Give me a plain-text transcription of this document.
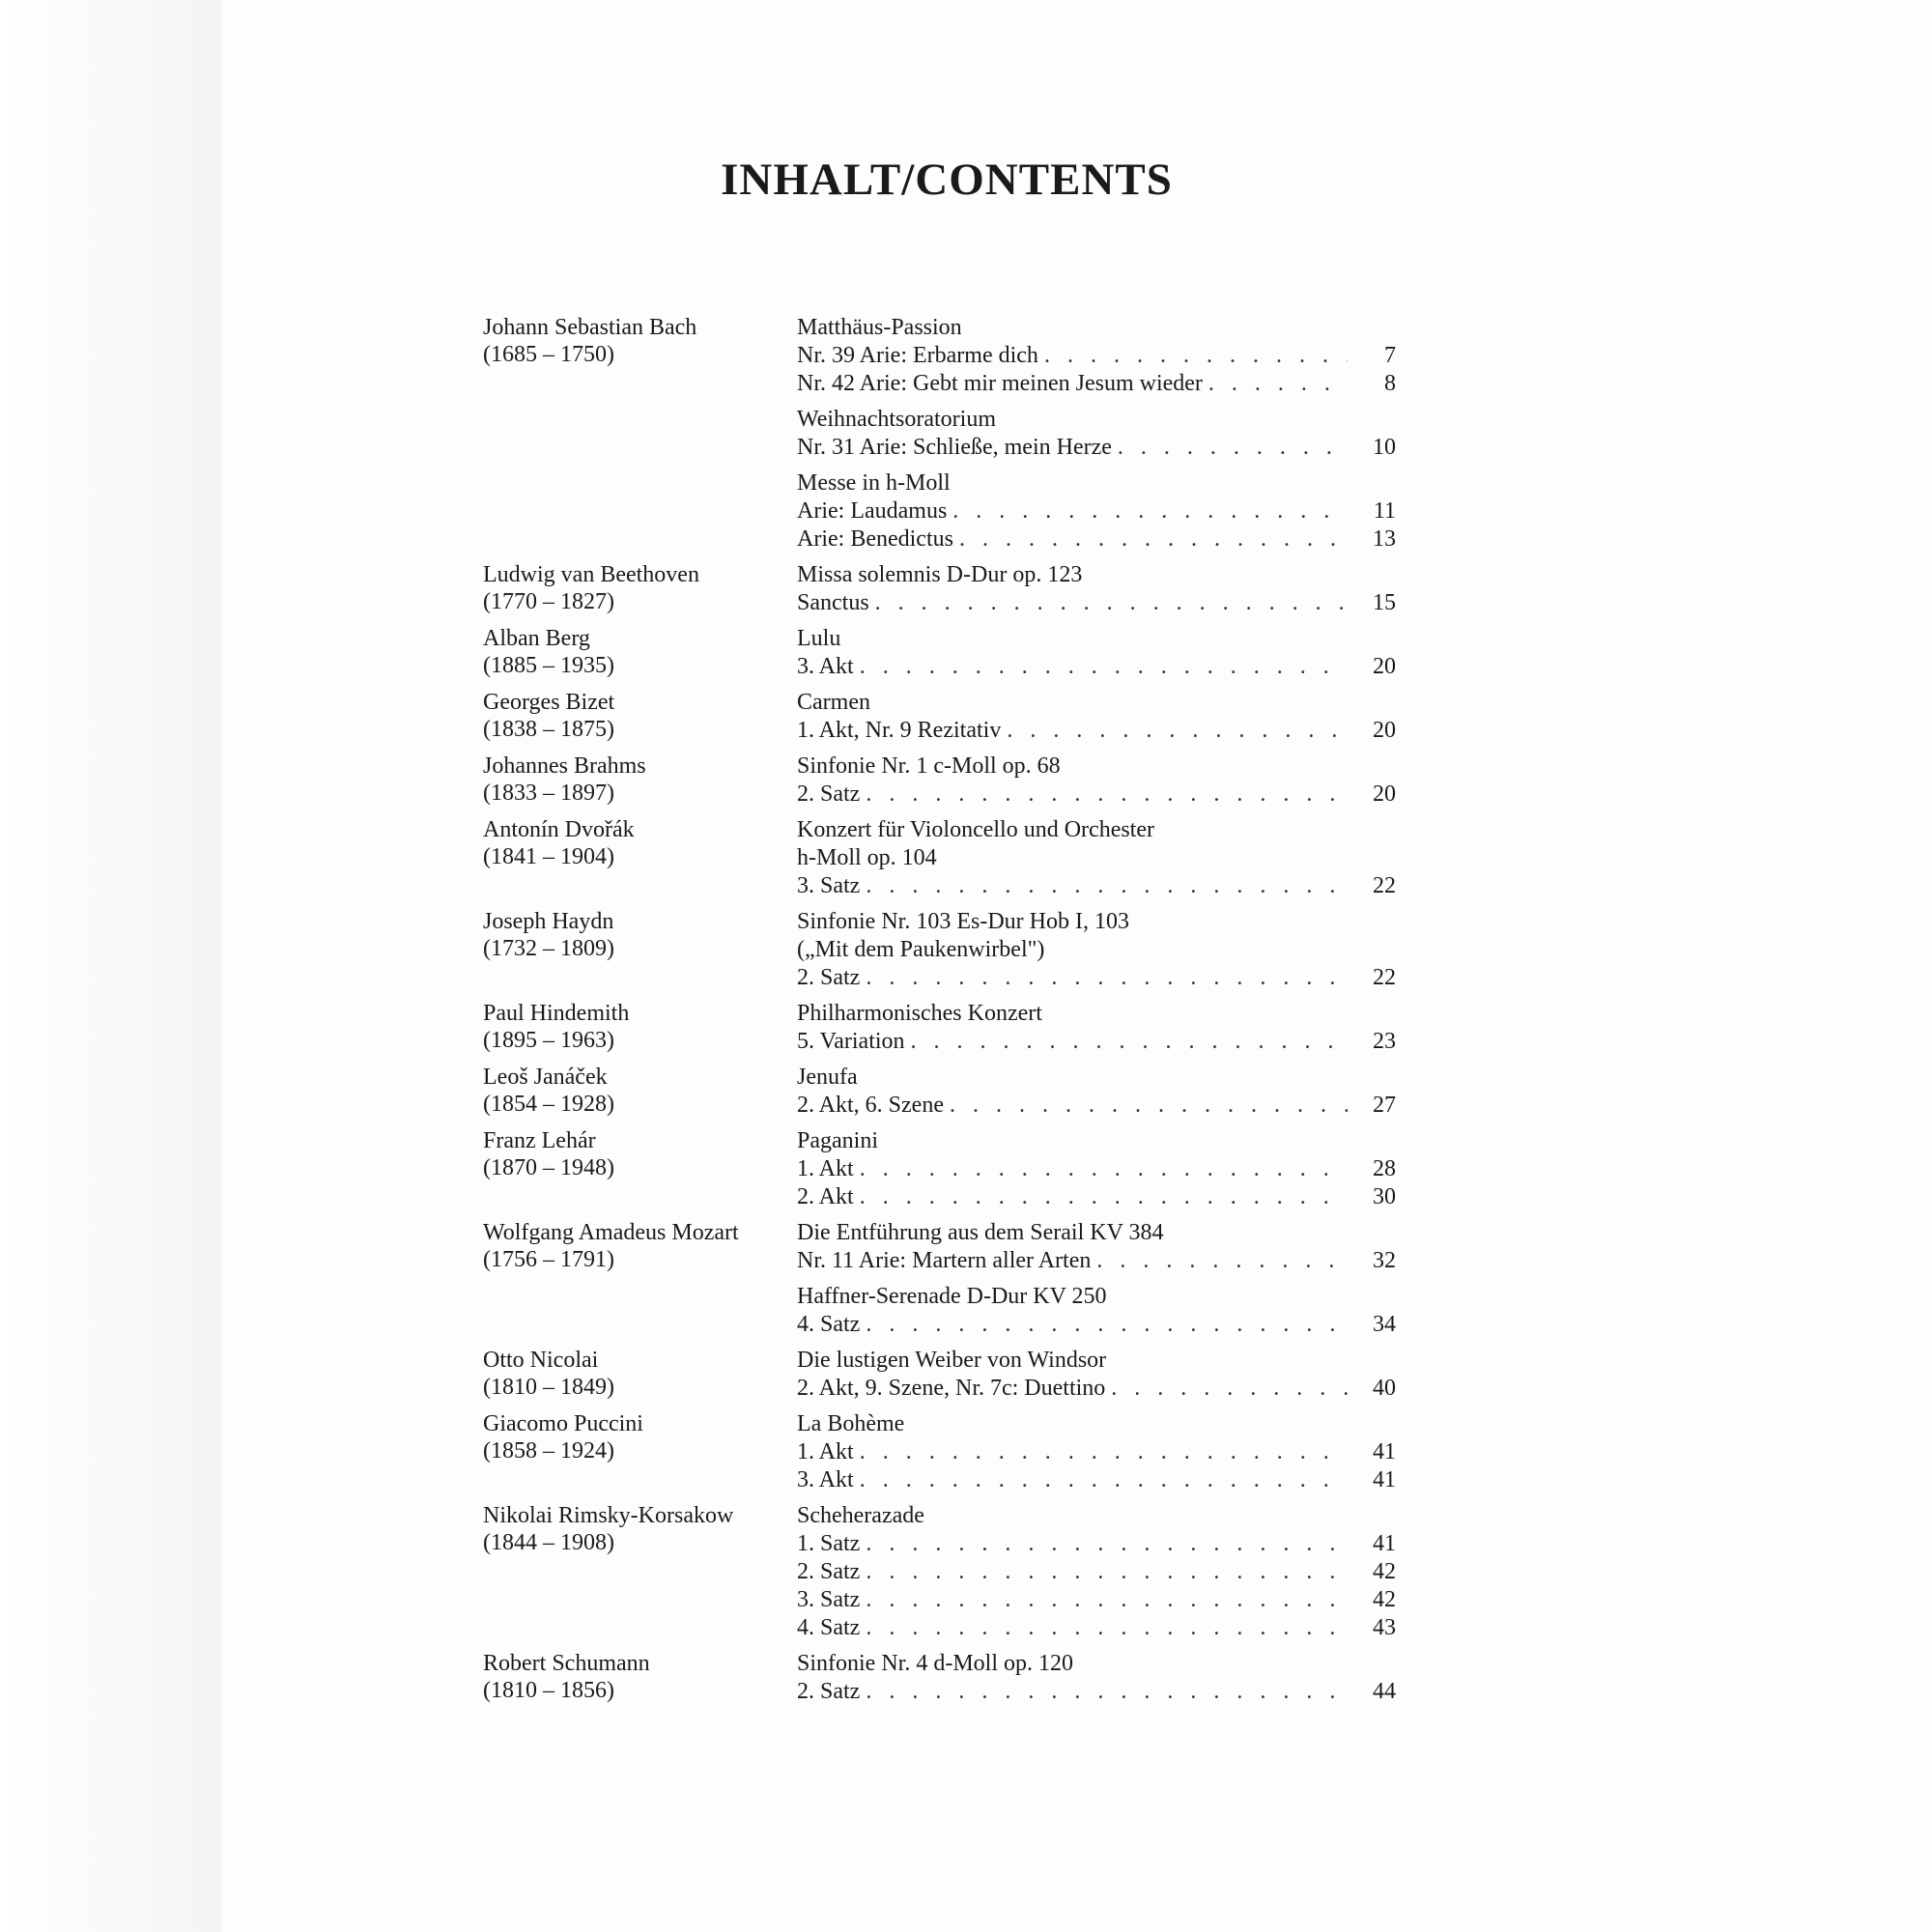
INHALT/CONTENTS
Johann Sebastian Bach
(1685 – 1750)
Matthäus-Passion
Nr. 39 Arie: Erbarme dich . . .	7
Nr. 42 Arie: Gebt mir meinen Jesum wieder . . .	8
Weihnachtsoratorium
Nr. 31 Arie: Schließe, mein Herze . . .	10
Messe in h-Moll
Arie: Laudamus . . .	11
Arie: Benedictus . . .	13
Ludwig van Beethoven
(1770 – 1827)
Missa solemnis D-Dur op. 123
Sanctus . . .	15
Alban Berg
(1885 – 1935)
Lulu
3. Akt . . .	20
Georges Bizet
(1838 – 1875)
Carmen
1. Akt, Nr. 9 Rezitativ . . .	20
Johannes Brahms
(1833 – 1897)
Sinfonie Nr. 1 c-Moll op. 68
2. Satz . . .	20
Antonín Dvořák
(1841 – 1904)
Konzert für Violoncello und Orchester
h-Moll op. 104
3. Satz . . .	22
Joseph Haydn
(1732 – 1809)
Sinfonie Nr. 103 Es-Dur Hob I, 103
(„Mit dem Paukenwirbel")
2. Satz . . .	22
Paul Hindemith
(1895 – 1963)
Philharmonisches Konzert
5. Variation . . .	23
Leoš Janáček
(1854 – 1928)
Jenufa
2. Akt, 6. Szene . . .	27
Franz Lehár
(1870 – 1948)
Paganini
1. Akt . . .	28
2. Akt . . .	30
Wolfgang Amadeus Mozart
(1756 – 1791)
Die Entführung aus dem Serail KV 384
Nr. 11 Arie: Martern aller Arten . . .	32
Haffner-Serenade D-Dur KV 250
4. Satz . . .	34
Otto Nicolai
(1810 – 1849)
Die lustigen Weiber von Windsor
2. Akt, 9. Szene, Nr. 7c: Duettino . . .	40
Giacomo Puccini
(1858 – 1924)
La Bohème
1. Akt . . .	41
3. Akt . . .	41
Nikolai Rimsky-Korsakow
(1844 – 1908)
Scheherazade
1. Satz . . .	41
2. Satz . . .	42
3. Satz . . .	42
4. Satz . . .	43
Robert Schumann
(1810 – 1856)
Sinfonie Nr. 4 d-Moll op. 120
2. Satz . . .	44
